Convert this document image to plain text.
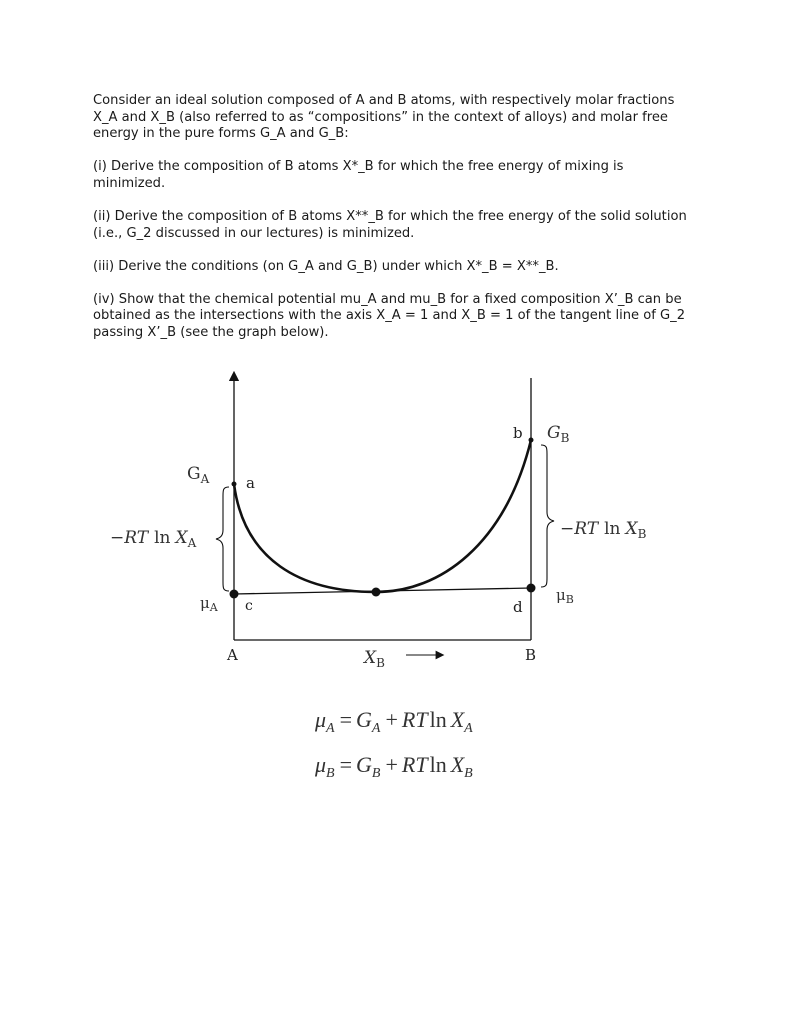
Consider an ideal solution composed of A and B atoms, with respectively molar fractions X_A and X_B (also referred to as “compositions” in the context of alloys) and molar free energy in the pure forms G_A and G_B:

(i) Derive the composition of B atoms X*_B for which the free energy of mixing is minimized.

(ii) Derive the composition of B atoms X**_B for which the free energy of the solid solution (i.e., G_2 discussed in our lectures) is minimized.

(iii) Derive the conditions (on G_A and G_B) under which X*_B = X**_B.

(iv) Show that the chemical potential mu_A and mu_B for a fixed composition X’_B can be obtained as the intersections with the axis X_A = 1 and X_B = 1 of the tangent line of G_2 passing X’_B (see the graph below).

$G_A$
$G_B$
a
b
c	d
−RT $\ln X_A$
−RT $\ln X_B$
$\mu_A$
$\mu_B$
A	B
$X_B$
$\mu_A = G_A + RTln$ $X_A$
$\mu_B = G_B + RTln$ $X_B$
